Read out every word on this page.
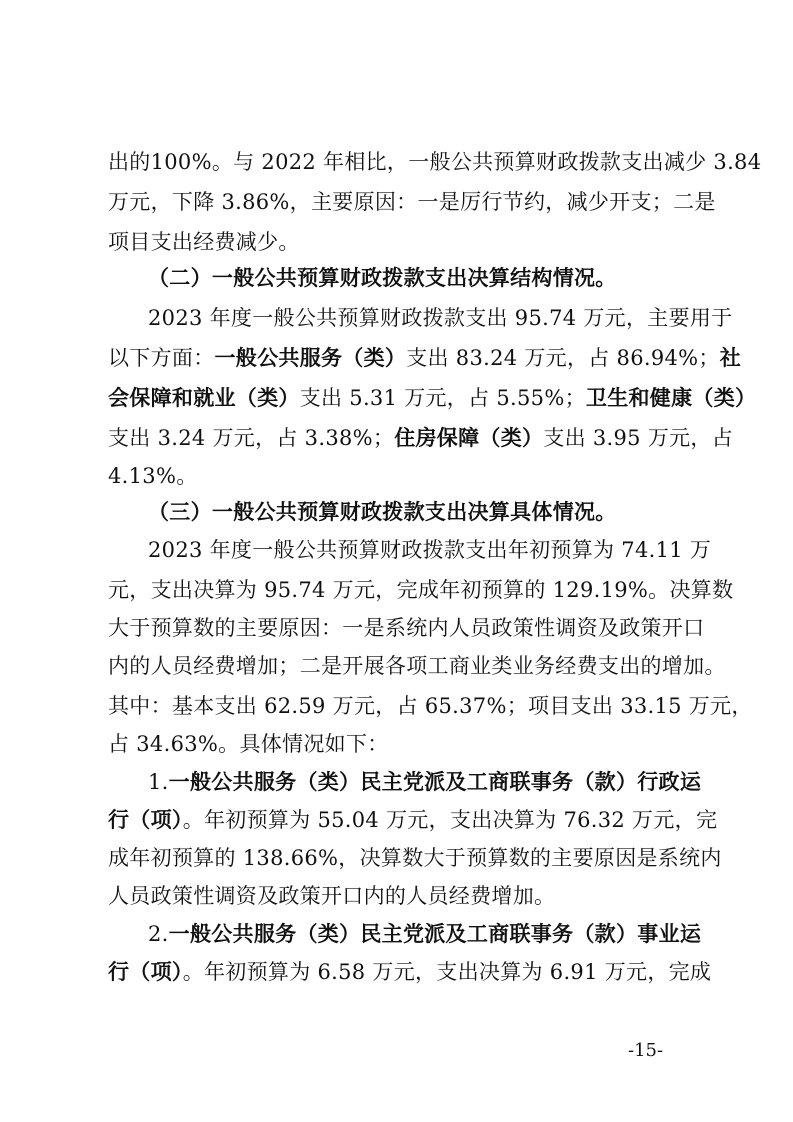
出的100%。与 2022 年相比，一般公共预算财政拨款支出减少 3.84
万元，下降 3.86%，主要原因：一是厉行节约，减少开支；二是
项目支出经费减少。
（二）一般公共预算财政拨款支出决算结构情况。
2023 年度一般公共预算财政拨款支出 95.74 万元，主要用于
以下方面：一般公共服务（类）支出 83.24 万元，占 86.94%；社
会保障和就业（类）支出 5.31 万元，占 5.55%；卫生和健康（类）
支出 3.24 万元，占 3.38%；住房保障（类）支出 3.95 万元，占
4.13%。
（三）一般公共预算财政拨款支出决算具体情况。
2023 年度一般公共预算财政拨款支出年初预算为 74.11 万
元，支出决算为 95.74 万元，完成年初预算的 129.19%。决算数
大于预算数的主要原因：一是系统内人员政策性调资及政策开口
内的人员经费增加；二是开展各项工商业类业务经费支出的增加。
其中：基本支出 62.59 万元，占 65.37%；项目支出 33.15 万元，
占 34.63%。具体情况如下：
1.一般公共服务（类）民主党派及工商联事务（款）行政运
行（项）。年初预算为 55.04 万元，支出决算为 76.32 万元，完
成年初预算的 138.66%，决算数大于预算数的主要原因是系统内
人员政策性调资及政策开口内的人员经费增加。
2.一般公共服务（类）民主党派及工商联事务（款）事业运
行（项）。年初预算为 6.58 万元，支出决算为 6.91 万元，完成
-15-
